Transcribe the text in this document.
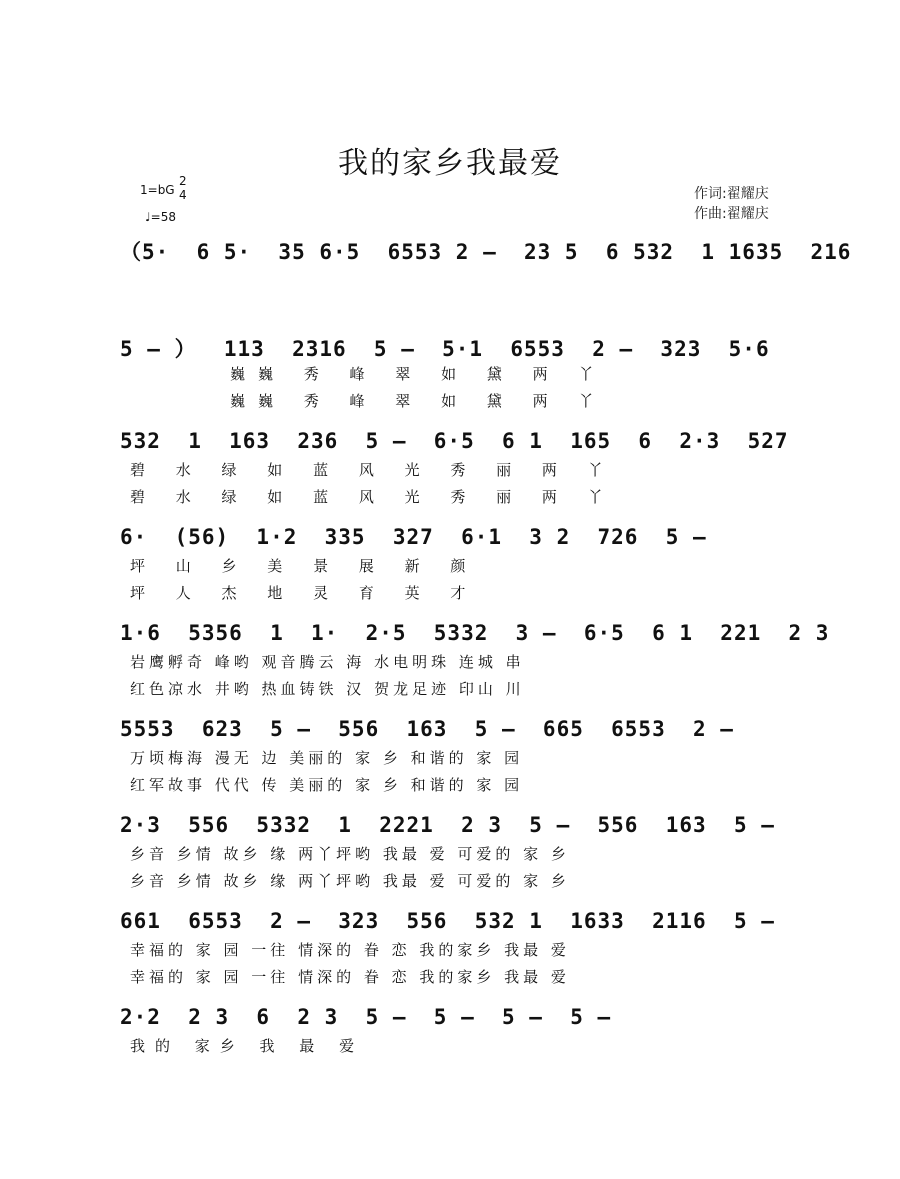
我的家乡我最爱
作词:翟耀庆
作曲:翟耀庆
1=bG
2
4
♩=58
（5·  6 5·  35 6·5  6553 2 –  23 5  6 532  1 1635  216
5 – ）  113  2316  5 –  5·1  6553  2 –  323  5·6
巍巍 秀 峰 翠 如 黛 两 丫
巍巍 秀 峰 翠 如 黛 两 丫
532  1  163  236  5 –  6·5  6 1  165  6  2·3  527
碧 水 绿 如 蓝 风 光 秀 丽 两 丫
碧 水 绿 如 蓝 风 光 秀 丽 两 丫
6·  (56)  1·2  335  327  6·1  3 2  726  5 –
坪 山 乡 美 景 展 新 颜
坪 人 杰 地 灵 育 英 才
1·6  5356  1  1·  2·5  5332  3 –  6·5  6 1  221  2 3
岩鹰孵奇 峰哟 观音腾云 海 水电明珠 连城 串
红色凉水 井哟 热血铸铁 汉 贺龙足迹 印山 川
5553  623  5 –  556  163  5 –  665  6553  2 –
万顷梅海 漫无 边 美丽的 家 乡 和谐的 家 园
红军故事 代代 传 美丽的 家 乡 和谐的 家 园
2·3  556  5332  1  2221  2 3  5 –  556  163  5 –
乡音 乡情 故乡 缘 两丫坪哟 我最 爱 可爱的 家 乡
乡音 乡情 故乡 缘 两丫坪哟 我最 爱 可爱的 家 乡
661  6553  2 –  323  556  532 1  1633  2116  5 –
幸福的 家 园 一往 情深的 眷 恋 我的家乡 我最 爱
幸福的 家 园 一往 情深的 眷 恋 我的家乡 我最 爱
2·2  2 3  6  2 3  5 –  5 –  5 –  5 –
我的 家乡 我 最 爱
